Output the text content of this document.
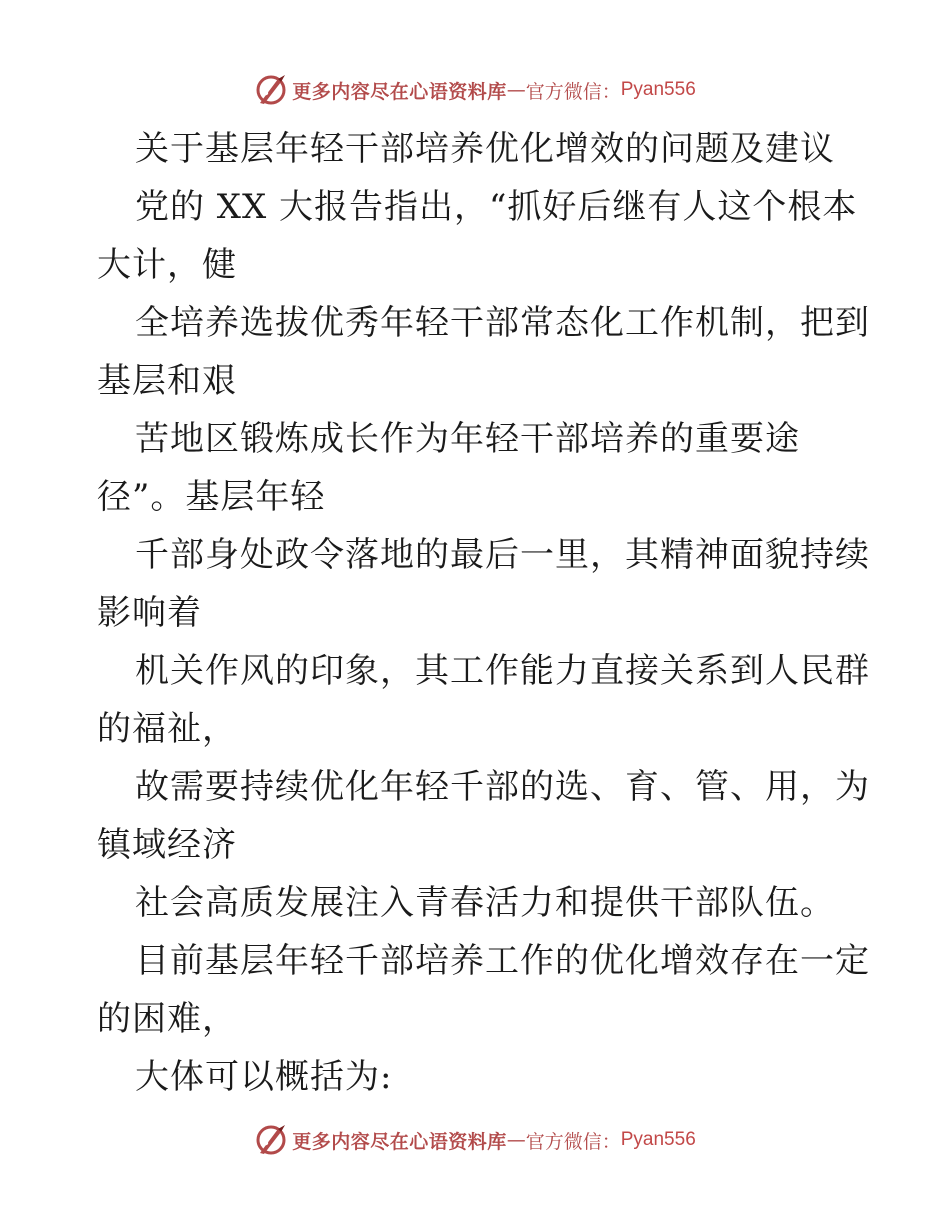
更多内容尽在心语资料库 — 官方微信： Pyan556
关于基层年轻干部培养优化增效的问题及建议
党的 XX 大报告指出，“抓好后继有人这个根本
大计，健
全培养选拔优秀年轻干部常态化工作机制，把到
基层和艰
苦地区锻炼成长作为年轻干部培养的重要途
径”。基层年轻
千部身处政令落地的最后一里，其精神面貌持续
影响着
机关作风的印象，其工作能力直接关系到人民群
的福祉，
故需要持续优化年轻千部的选、育、管、用，为
镇域经济
社会高质发展注入青春活力和提供干部队伍。
目前基层年轻千部培养工作的优化增效存在一定
的困难，
大体可以概括为:
更多内容尽在心语资料库 — 官方微信： Pyan556
